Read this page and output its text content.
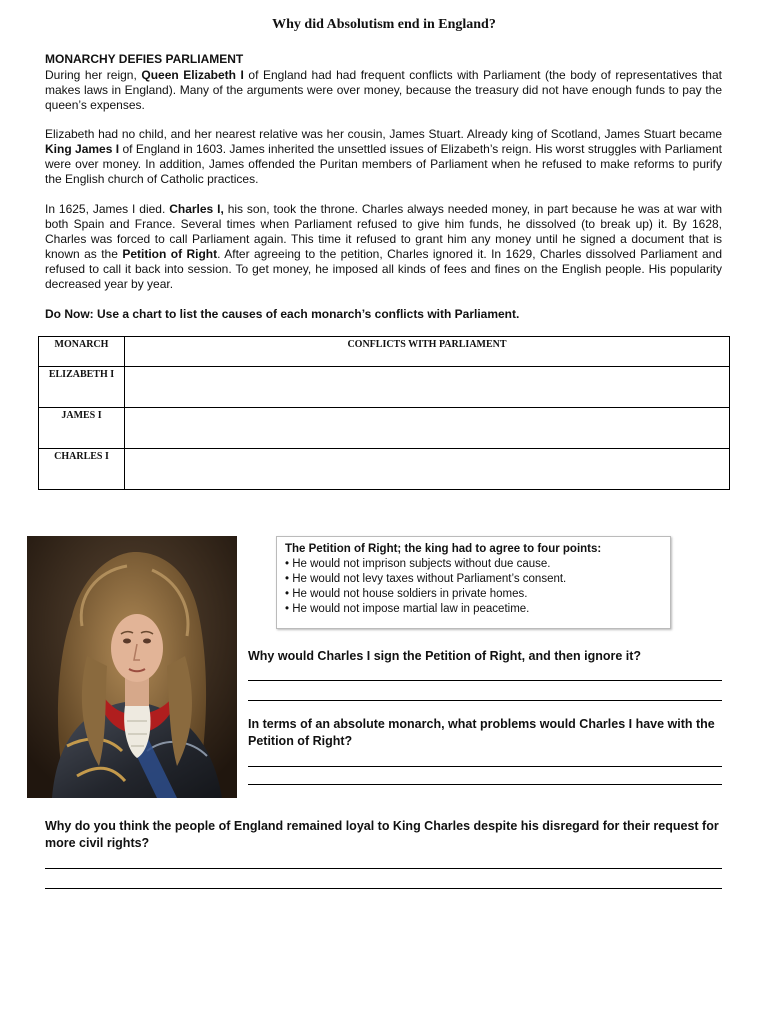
Why did Absolutism end in England?
MONARCHY DEFIES PARLIAMENT

During her reign, Queen Elizabeth I of England had had frequent conflicts with Parliament (the body of representatives that makes laws in England). Many of the arguments were over money, because the treasury did not have enough funds to pay the queen’s expenses.

Elizabeth had no child, and her nearest relative was her cousin, James Stuart. Already king of Scotland, James Stuart became King James I of England in 1603. James inherited the unsettled issues of Elizabeth’s reign. His worst struggles with Parliament were over money. In addition, James offended the Puritan members of Parliament when he refused to make reforms to purify the English church of Catholic practices.

In 1625, James I died. Charles I, his son, took the throne. Charles always needed money, in part because he was at war with both Spain and France. Several times when Parliament refused to give him funds, he dissolved (to break up) it. By 1628, Charles was forced to call Parliament again. This time it refused to grant him any money until he signed a document that is known as the Petition of Right. After agreeing to the petition, Charles ignored it. In 1629, Charles dissolved Parliament and refused to call it back into session. To get money, he imposed all kinds of fees and fines on the English people. His popularity decreased year by year.

Do Now: Use a chart to list the causes of each monarch’s conflicts with Parliament.
MONARCH	CONFLICTS WITH PARLIAMENT
ELIZABETH I	
JAMES I	
CHARLES I	
The Petition of Right; the king had to agree to four points:
• He would not imprison subjects without due cause.
• He would not levy taxes without Parliament’s consent.
• He would not house soldiers in private homes.
• He would not impose martial law in peacetime.
Why would Charles I sign the Petition of Right, and then ignore it?
In terms of an absolute monarch, what problems would Charles I have with the Petition of Right?
Why do you think the people of England remained loyal to King Charles despite his disregard for their request for more civil rights?
